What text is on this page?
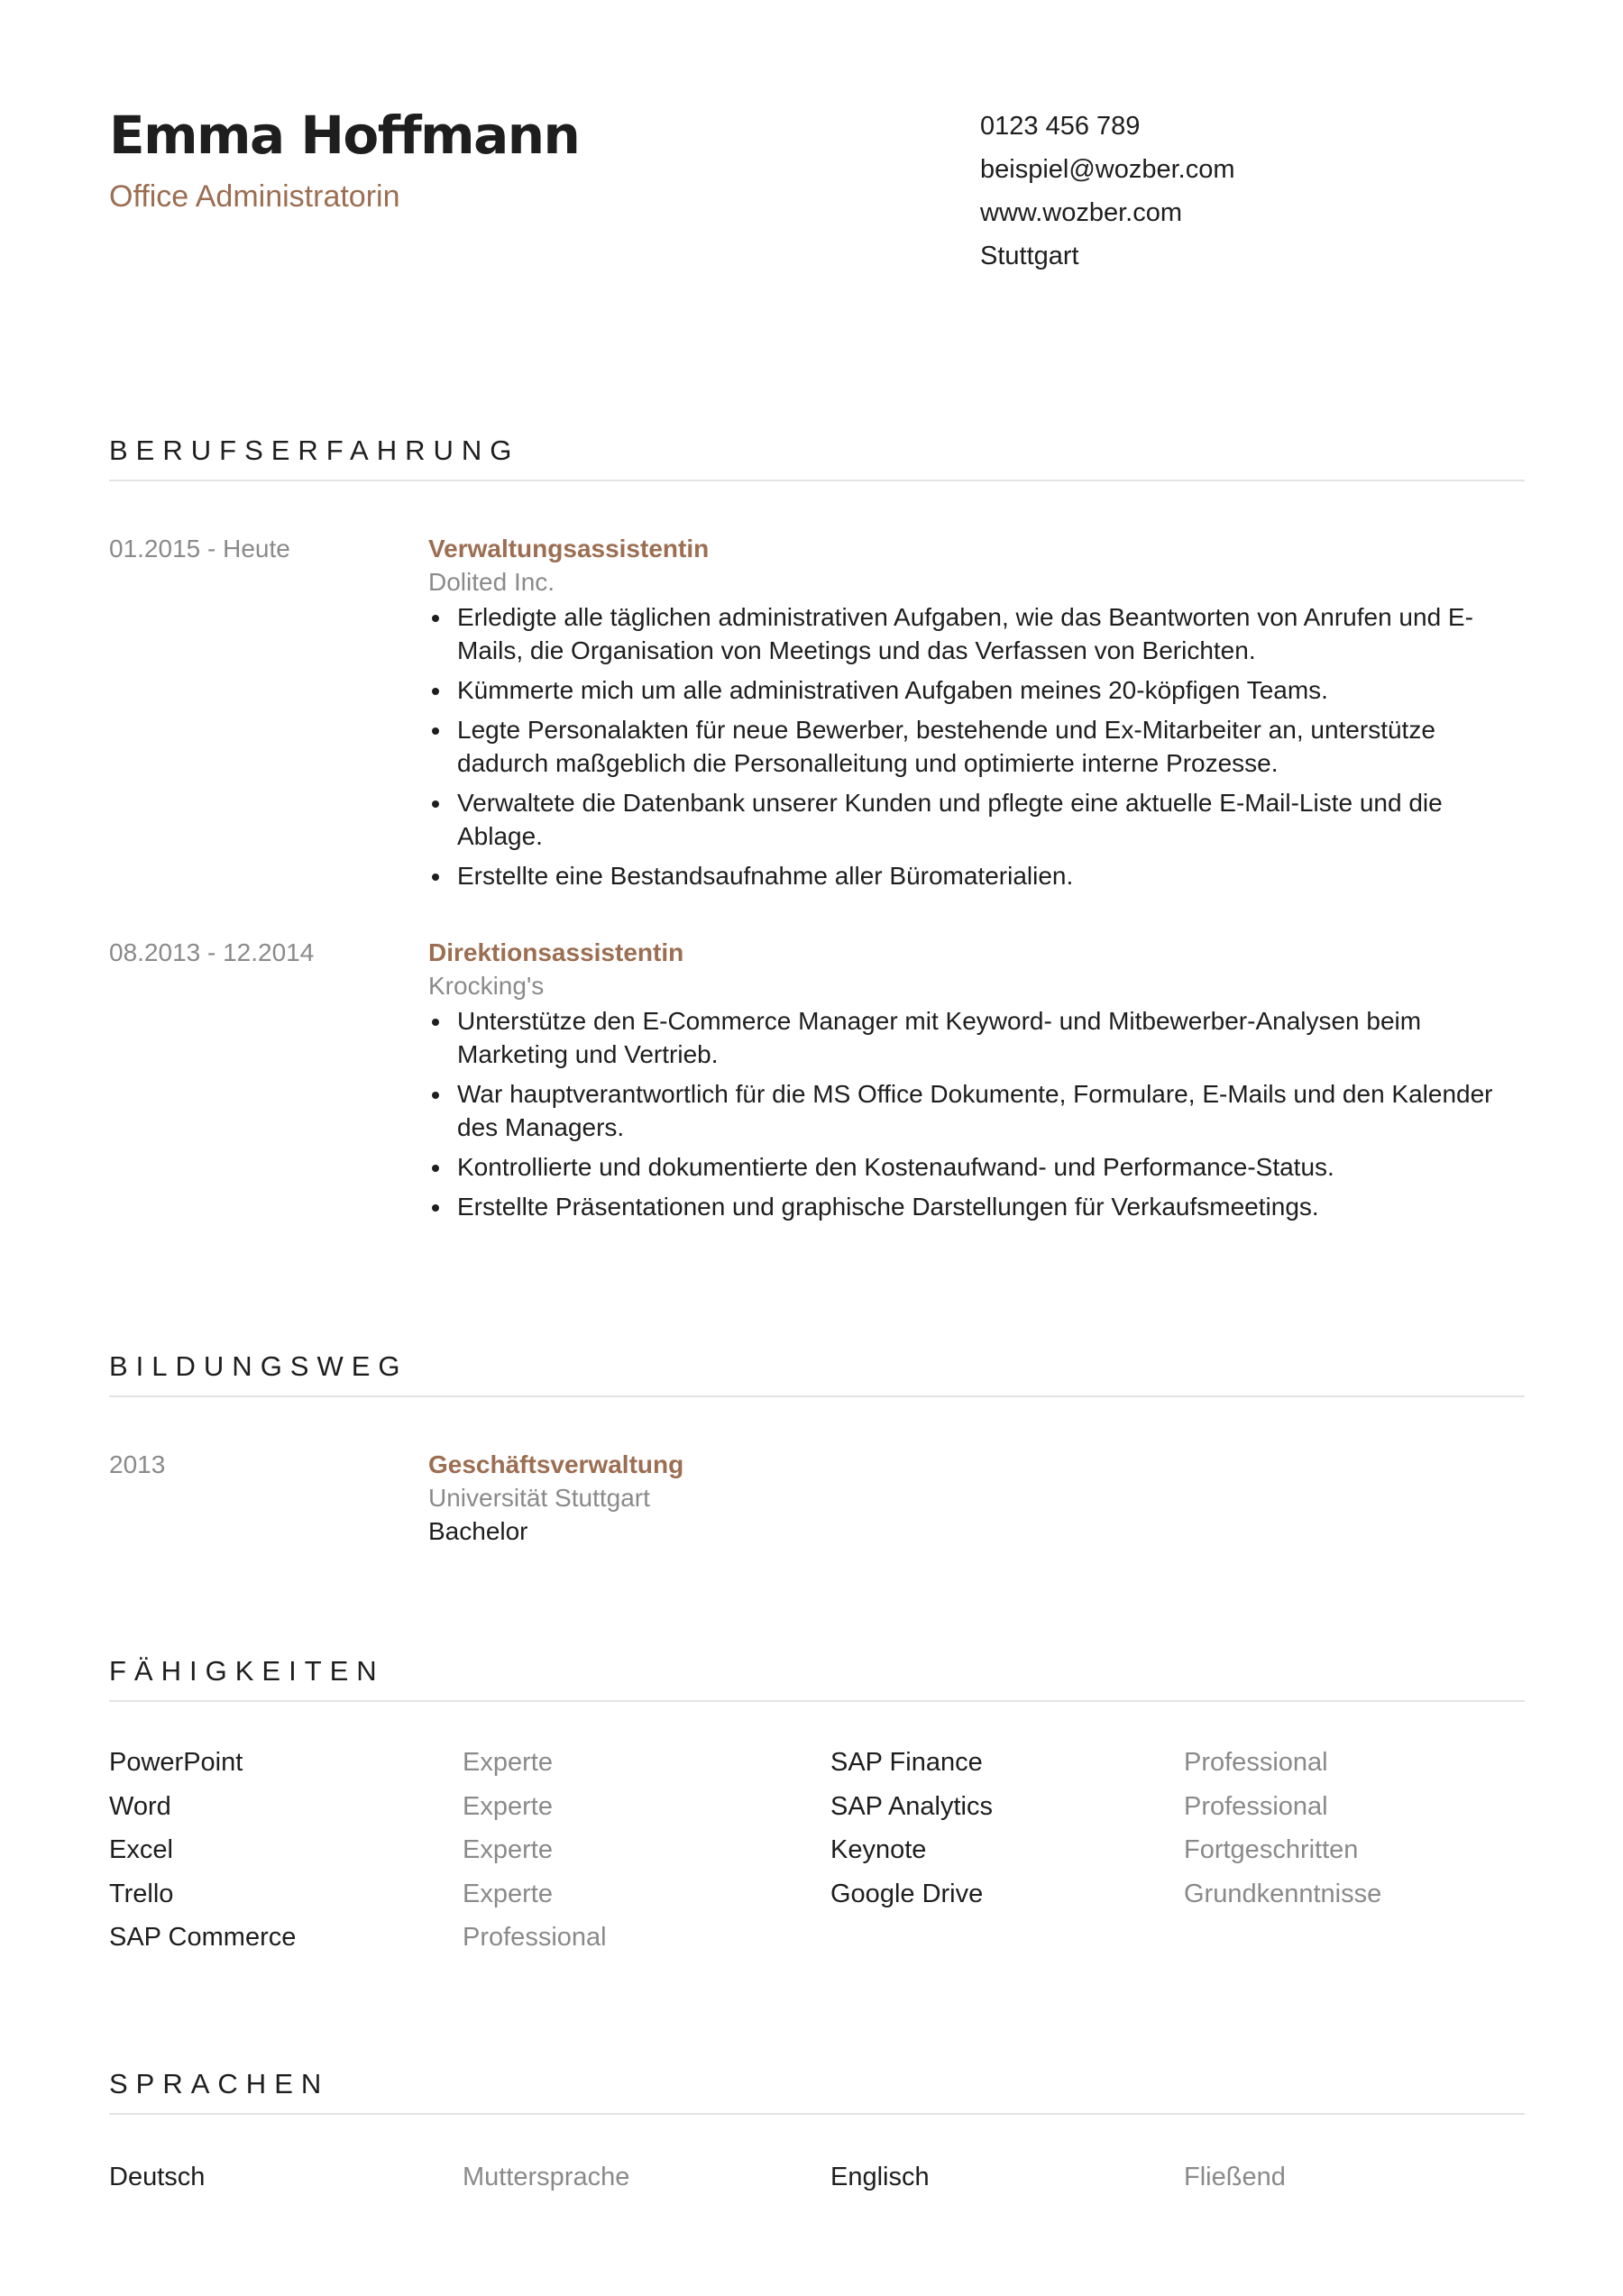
Emma Hoffmann
Office Administratorin
0123 456 789
beispiel@wozber.com
www.wozber.com
Stuttgart
BERUFSERFAHRUNG
01.2015 - Heute	Verwaltungsassistentin
Dolited Inc.
Erledigte alle täglichen administrativen Aufgaben, wie das Beantworten von Anrufen und E-Mails, die Organisation von Meetings und das Verfassen von Berichten.
Kümmerte mich um alle administrativen Aufgaben meines 20-köpfigen Teams.
Legte Personalakten für neue Bewerber, bestehende und Ex-Mitarbeiter an, unterstütze dadurch maßgeblich die Personalleitung und optimierte interne Prozesse.
Verwaltete die Datenbank unserer Kunden und pflegte eine aktuelle E-Mail-Liste und die Ablage.
Erstellte eine Bestandsaufnahme aller Büromaterialien.
08.2013 - 12.2014	Direktionsassistentin
Krocking's
Unterstütze den E-Commerce Manager mit Keyword- und Mitbewerber-Analysen beim Marketing und Vertrieb.
War hauptverantwortlich für die MS Office Dokumente, Formulare, E-Mails und den Kalender des Managers.
Kontrollierte und dokumentierte den Kostenaufwand- und Performance-Status.
Erstellte Präsentationen und graphische Darstellungen für Verkaufsmeetings.
BILDUNGSWEG
2013	Geschäftsverwaltung
Universität Stuttgart
Bachelor
FÄHIGKEITEN
PowerPoint	Experte	SAP Finance	Professional
Word	Experte	SAP Analytics	Professional
Excel	Experte	Keynote	Fortgeschritten
Trello	Experte	Google Drive	Grundkenntnisse
SAP Commerce	Professional
SPRACHEN
Deutsch	Muttersprache	Englisch	Fließend
